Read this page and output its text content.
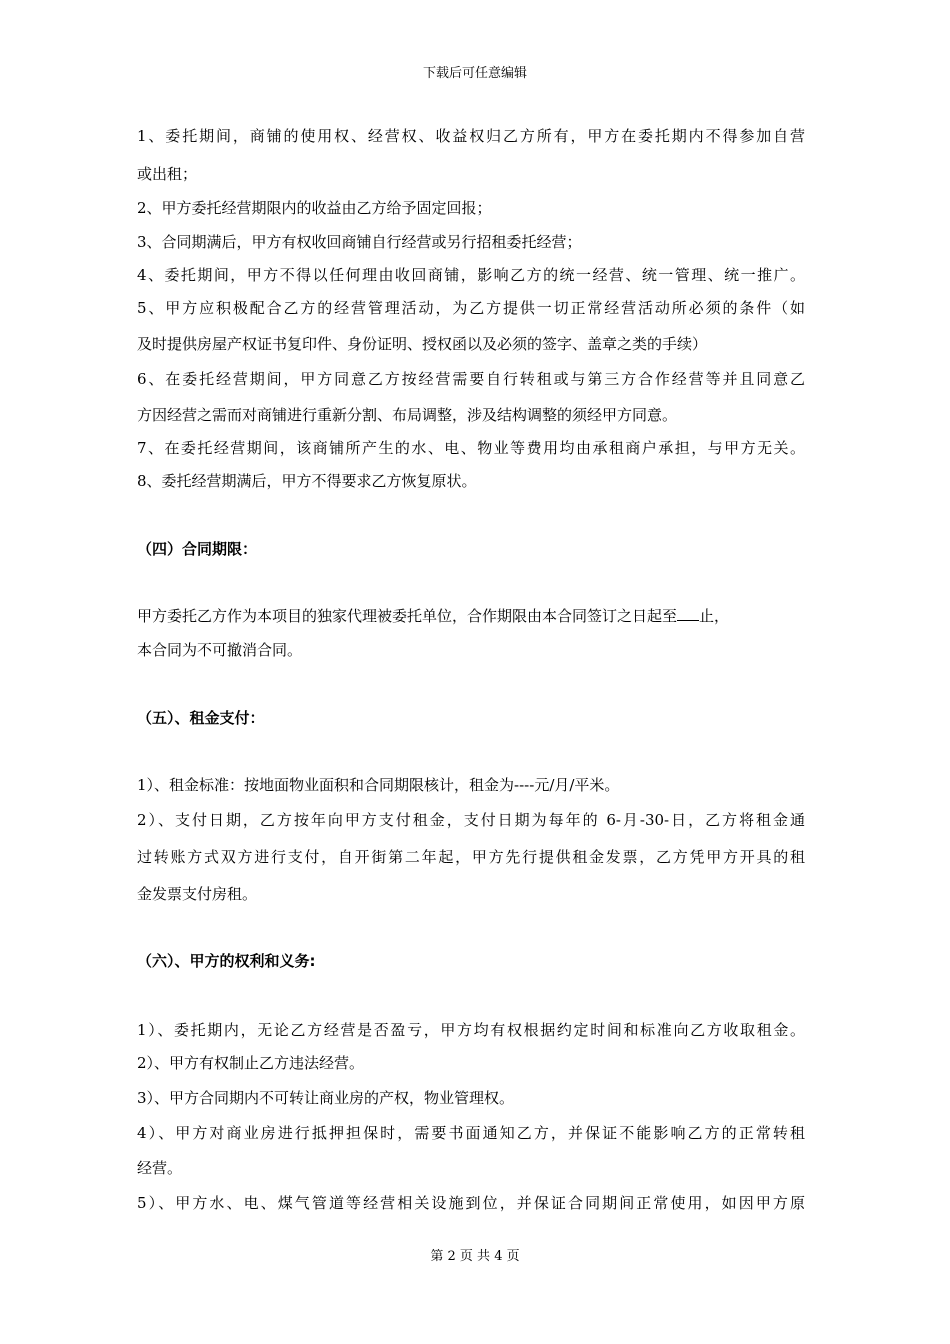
下载后可任意编辑
1、委托期间，商铺的使用权、经营权、收益权归乙方所有，甲方在委托期内不得参加自营
或出租；
2、甲方委托经营期限内的收益由乙方给予固定回报；
3、合同期满后，甲方有权收回商铺自行经营或另行招租委托经营；
4、委托期间，甲方不得以任何理由收回商铺，影响乙方的统一经营、统一管理、统一推广。
5、甲方应积极配合乙方的经营管理活动，为乙方提供一切正常经营活动所必须的条件（如
及时提供房屋产权证书复印件、身份证明、授权函以及必须的签字、盖章之类的手续）
6、在委托经营期间，甲方同意乙方按经营需要自行转租或与第三方合作经营等并且同意乙
方因经营之需而对商铺进行重新分割、布局调整，涉及结构调整的须经甲方同意。
7、在委托经营期间，该商铺所产生的水、电、物业等费用均由承租商户承担，与甲方无关。
8、委托经营期满后，甲方不得要求乙方恢复原状。
（四）合同期限：
甲方委托乙方作为本项目的独家代理被委托单位，合作期限由本合同签订之日起至 止，
本合同为不可撤消合同。
（五）、租金支付：
1）、租金标准：按地面物业面积和合同期限核计，租金为----元/月/平米。
2）、支付日期，乙方按年向甲方支付租金，支付日期为每年的 6-月-30-日，乙方将租金通
过转账方式双方进行支付，自开街第二年起，甲方先行提供租金发票，乙方凭甲方开具的租
金发票支付房租。
（六）、甲方的权利和义务:
1）、委托期内，无论乙方经营是否盈亏，甲方均有权根据约定时间和标准向乙方收取租金。
2）、甲方有权制止乙方违法经营。
3）、甲方合同期内不可转让商业房的产权，物业管理权。
4）、甲方对商业房进行抵押担保时，需要书面通知乙方，并保证不能影响乙方的正常转租
经营。
5）、甲方水、电、煤气管道等经营相关设施到位，并保证合同期间正常使用，如因甲方原
第 2 页 共 4 页
